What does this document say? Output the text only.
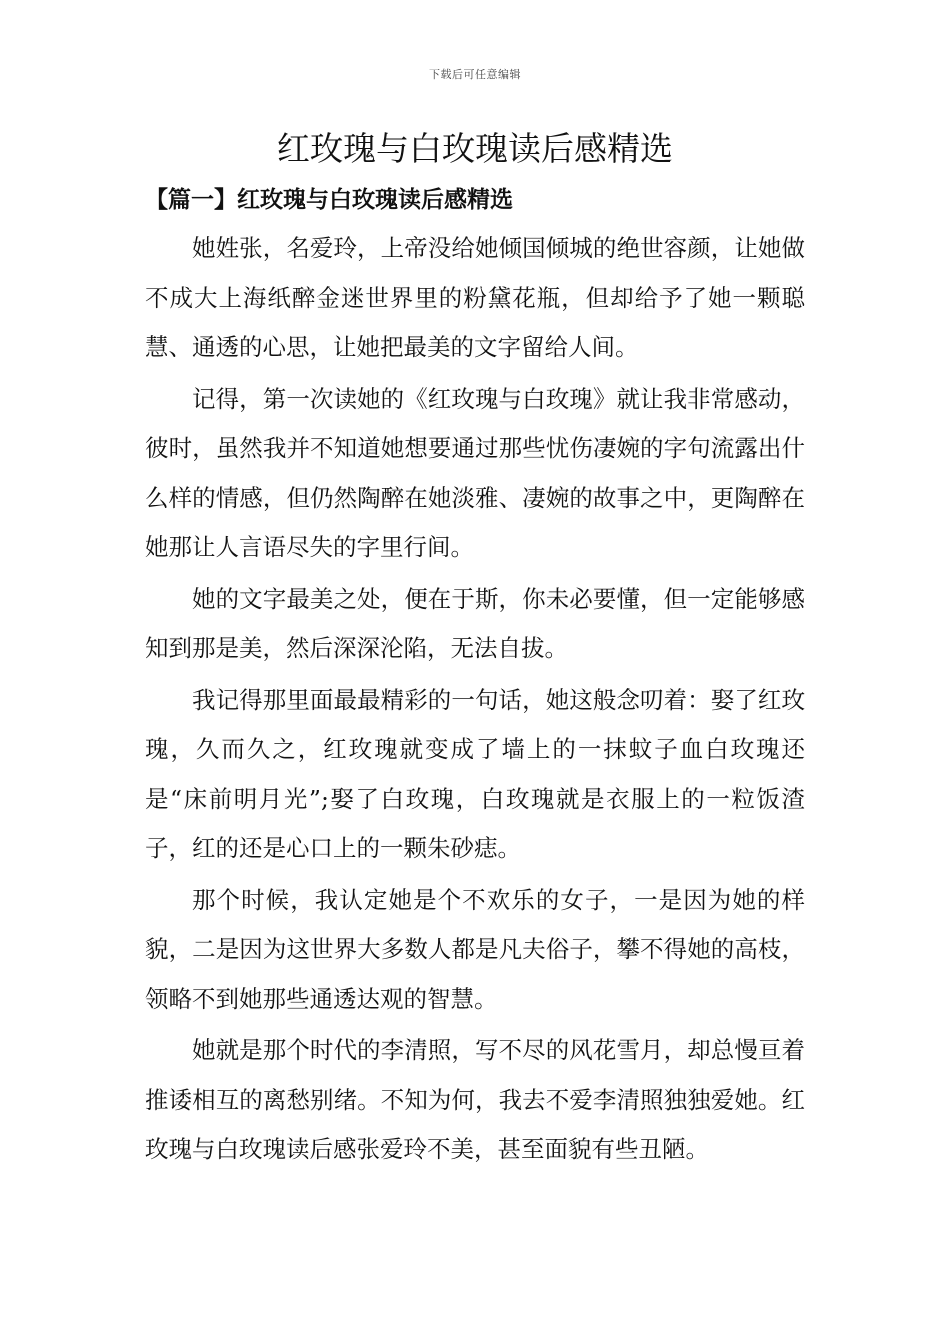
下载后可任意编辑
红玫瑰与白玫瑰读后感精选
【篇一】红玫瑰与白玫瑰读后感精选

她姓张，名爱玲，上帝没给她倾国倾城的绝世容颜，让她做不成大上海纸醉金迷世界里的粉黛花瓶，但却给予了她一颗聪慧、通透的心思，让她把最美的文字留给人间。

记得，第一次读她的《红玫瑰与白玫瑰》就让我非常感动，彼时，虽然我并不知道她想要通过那些忧伤凄婉的字句流露出什么样的情感，但仍然陶醉在她淡雅、凄婉的故事之中，更陶醉在她那让人言语尽失的字里行间。

她的文字最美之处，便在于斯，你未必要懂，但一定能够感知到那是美，然后深深沦陷，无法自拔。

我记得那里面最最精彩的一句话，她这般念叨着：娶了红玫瑰，久而久之，红玫瑰就变成了墙上的一抹蚊子血白玫瑰还是“床前明月光”;娶了白玫瑰，白玫瑰就是衣服上的一粒饭渣子，红的还是心口上的一颗朱砂痣。

那个时候，我认定她是个不欢乐的女子，一是因为她的样貌，二是因为这世界大多数人都是凡夫俗子，攀不得她的高枝，领略不到她那些通透达观的智慧。

她就是那个时代的李清照，写不尽的风花雪月，却总慢亘着推诿相互的离愁别绪。不知为何，我去不爱李清照独独爱她。红玫瑰与白玫瑰读后感张爱玲不美，甚至面貌有些丑陋。
